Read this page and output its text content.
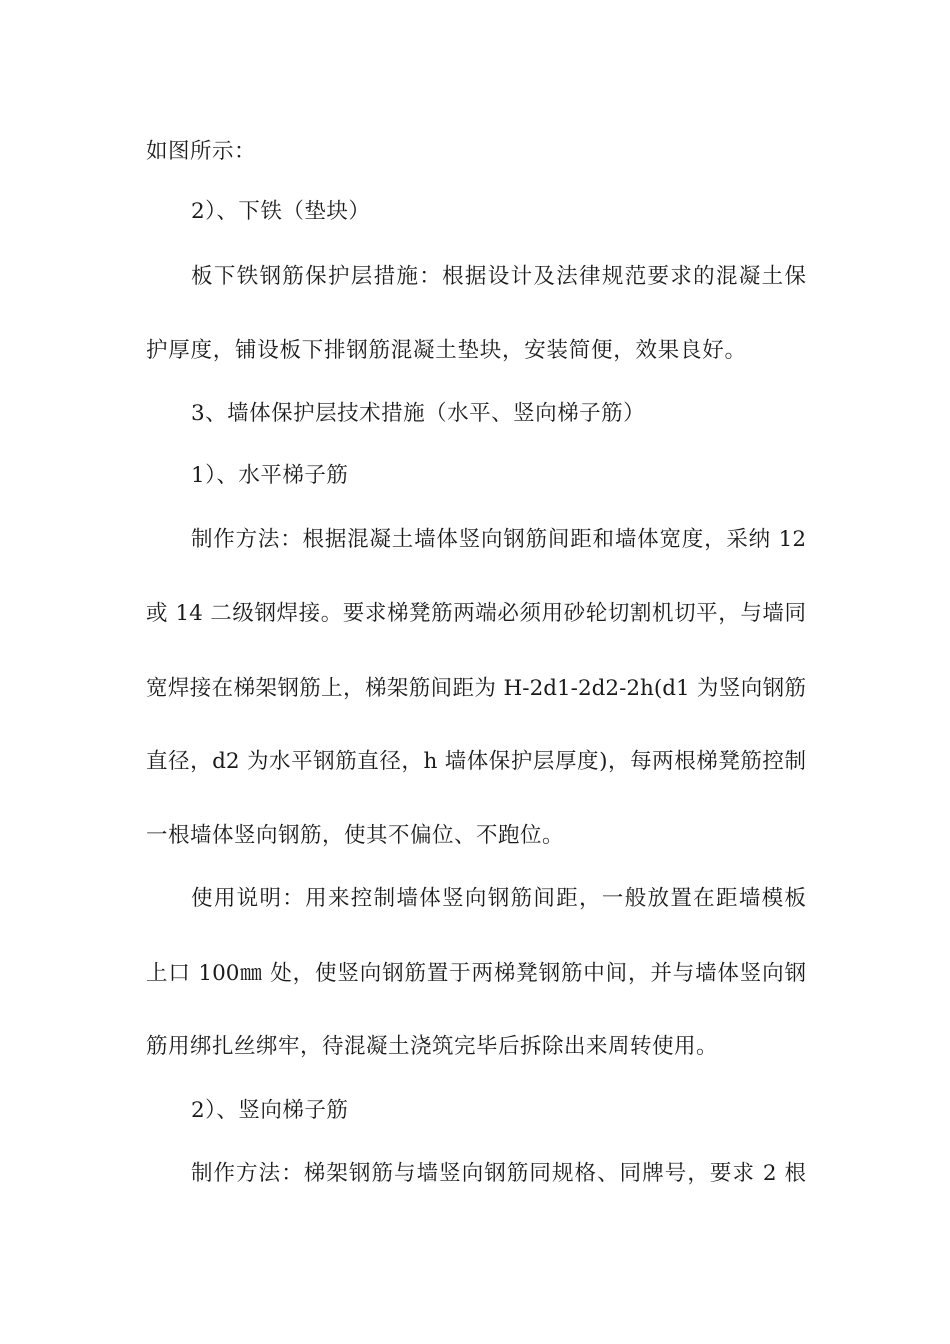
如图所示：
2）、下铁（垫块）
板下铁钢筋保护层措施：根据设计及法律规范要求的混凝土保
护厚度，铺设板下排钢筋混凝土垫块，安装简便，效果良好。
3、墙体保护层技术措施（水平、竖向梯子筋）
1）、水平梯子筋
制作方法：根据混凝土墙体竖向钢筋间距和墙体宽度，采纳 12
或 14 二级钢焊接。要求梯凳筋两端必须用砂轮切割机切平，与墙同
宽焊接在梯架钢筋上，梯架筋间距为 H-2d1-2d2-2h(d1 为竖向钢筋
直径，d2 为水平钢筋直径，h 墙体保护层厚度)，每两根梯凳筋控制
一根墙体竖向钢筋，使其不偏位、不跑位。
使用说明：用来控制墙体竖向钢筋间距，一般放置在距墙模板
上口 100㎜ 处，使竖向钢筋置于两梯凳钢筋中间，并与墙体竖向钢
筋用绑扎丝绑牢，待混凝土浇筑完毕后拆除出来周转使用。
2）、竖向梯子筋
制作方法：梯架钢筋与墙竖向钢筋同规格、同牌号，要求 2 根
